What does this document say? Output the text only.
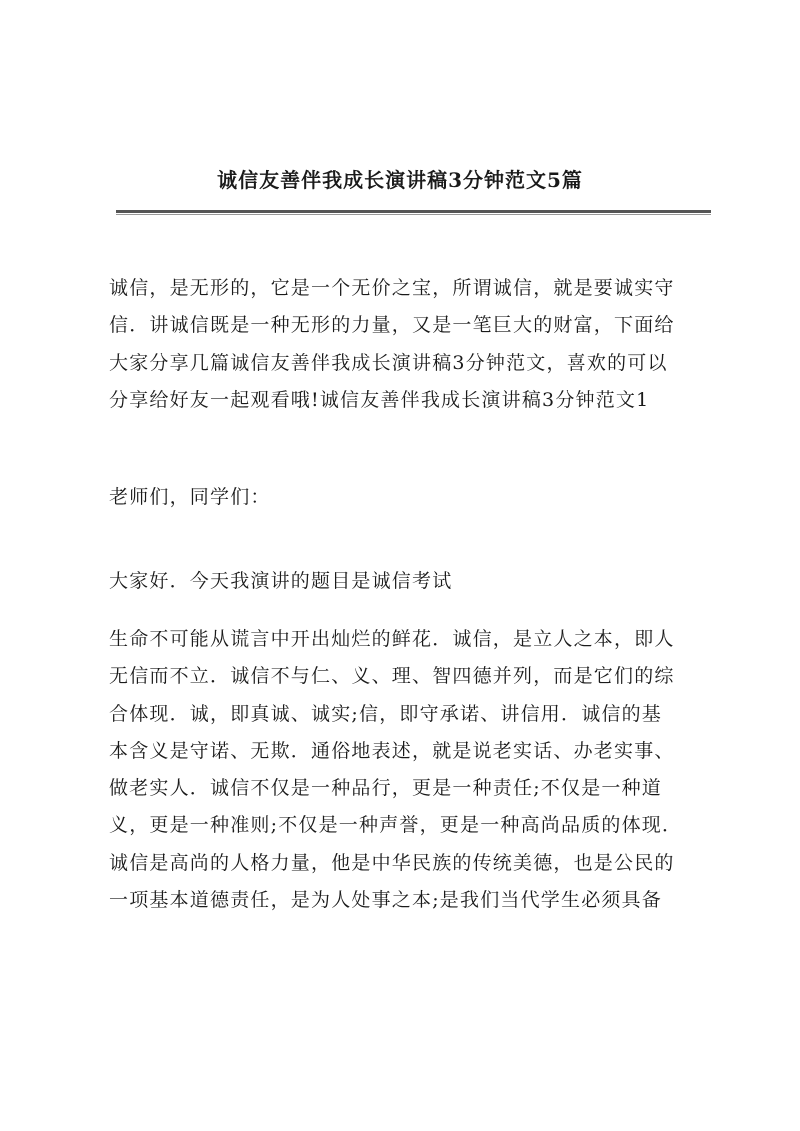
诚信友善伴我成长演讲稿3分钟范文5篇

诚信，是无形的，它是一个无价之宝，所谓诚信，就是要诚实守
信．讲诚信既是一种无形的力量，又是一笔巨大的财富，下面给
大家分享几篇诚信友善伴我成长演讲稿3分钟范文，喜欢的可以
分享给好友一起观看哦!诚信友善伴我成长演讲稿3分钟范文1

老师们，同学们：

大家好．今天我演讲的题目是诚信考试

生命不可能从谎言中开出灿烂的鲜花．诚信，是立人之本，即人
无信而不立．诚信不与仁、义、理、智四德并列，而是它们的综
合体现．诚，即真诚、诚实;信，即守承诺、讲信用．诚信的基
本含义是守诺、无欺．通俗地表述，就是说老实话、办老实事、
做老实人．诚信不仅是一种品行，更是一种责任;不仅是一种道
义，更是一种准则;不仅是一种声誉，更是一种高尚品质的体现．
诚信是高尚的人格力量，他是中华民族的传统美德，也是公民的
一项基本道德责任，是为人处事之本;是我们当代学生必须具备
